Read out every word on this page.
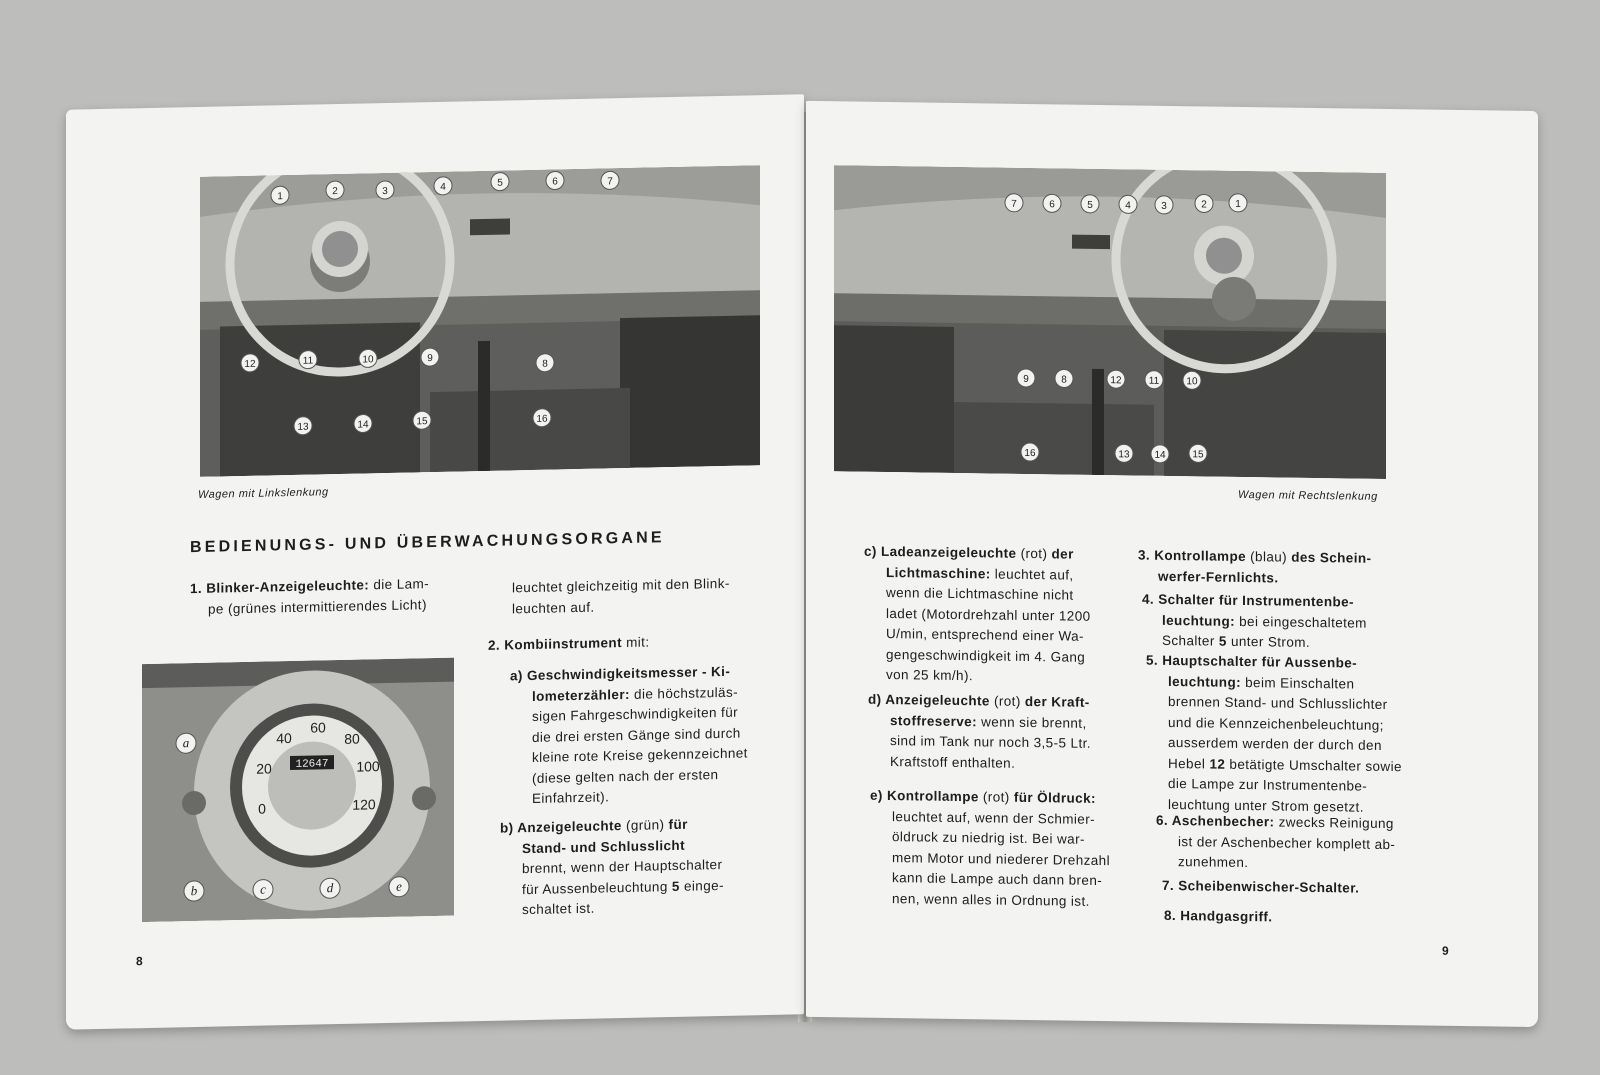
1	2	3	4	5	6	7
8
9
10
11
12
13	14	15	16
Wagen mit Linkslenkung
BEDIENUNGS- UND ÜBERWACHUNGSORGANE
1. Blinker-Anzeigeleuchte: die Lam-
pe (grünes intermittierendes Licht)
leuchtet gleichzeitig mit den Blink-
leuchten auf.
2. Kombiinstrument mit:
0
20
40
60
80
100
120
12647
a
b	c	d	e
a) Geschwindigkeitsmesser - Ki-
lometerzähler: die höchstzuläs-
sigen Fahrgeschwindigkeiten für
die drei ersten Gänge sind durch
kleine rote Kreise gekennzeichnet
(diese gelten nach der ersten
Einfahrzeit).
b) Anzeigeleuchte (grün) für
Stand- und Schlusslicht
brennt, wenn der Hauptschalter
für Aussenbeleuchtung 5 einge-
schaltet ist.
8
7	6	5	4	3	2	1
9	8	12	11	10
16	13 14	15
Wagen mit Rechtslenkung
c) Ladeanzeigeleuchte (rot) der
Lichtmaschine: leuchtet auf,
wenn die Lichtmaschine nicht
ladet (Motordrehzahl unter 1200
U/min, entsprechend einer Wa-
gengeschwindigkeit im 4. Gang
von 25 km/h).
d) Anzeigeleuchte (rot) der Kraft-
stoffreserve: wenn sie brennt,
sind im Tank nur noch 3,5-5 Ltr.
Kraftstoff enthalten.
e) Kontrollampe (rot) für Öldruck:
leuchtet auf, wenn der Schmier-
öldruck zu niedrig ist. Bei war-
mem Motor und niederer Drehzahl
kann die Lampe auch dann bren-
nen, wenn alles in Ordnung ist.
3. Kontrollampe (blau) des Schein-
werfer-Fernlichts.
4. Schalter für Instrumentenbe-
leuchtung: bei eingeschaltetem
Schalter 5 unter Strom.
5. Hauptschalter für Aussenbe-
leuchtung: beim Einschalten
brennen Stand- und Schlusslichter
und die Kennzeichenbeleuchtung;
ausserdem werden der durch den
Hebel 12 betätigte Umschalter sowie
die Lampe zur Instrumentenbe-
leuchtung unter Strom gesetzt.
6. Aschenbecher: zwecks Reinigung
ist der Aschenbecher komplett ab-
zunehmen.
7. Scheibenwischer-Schalter.
8. Handgasgriff.
9
